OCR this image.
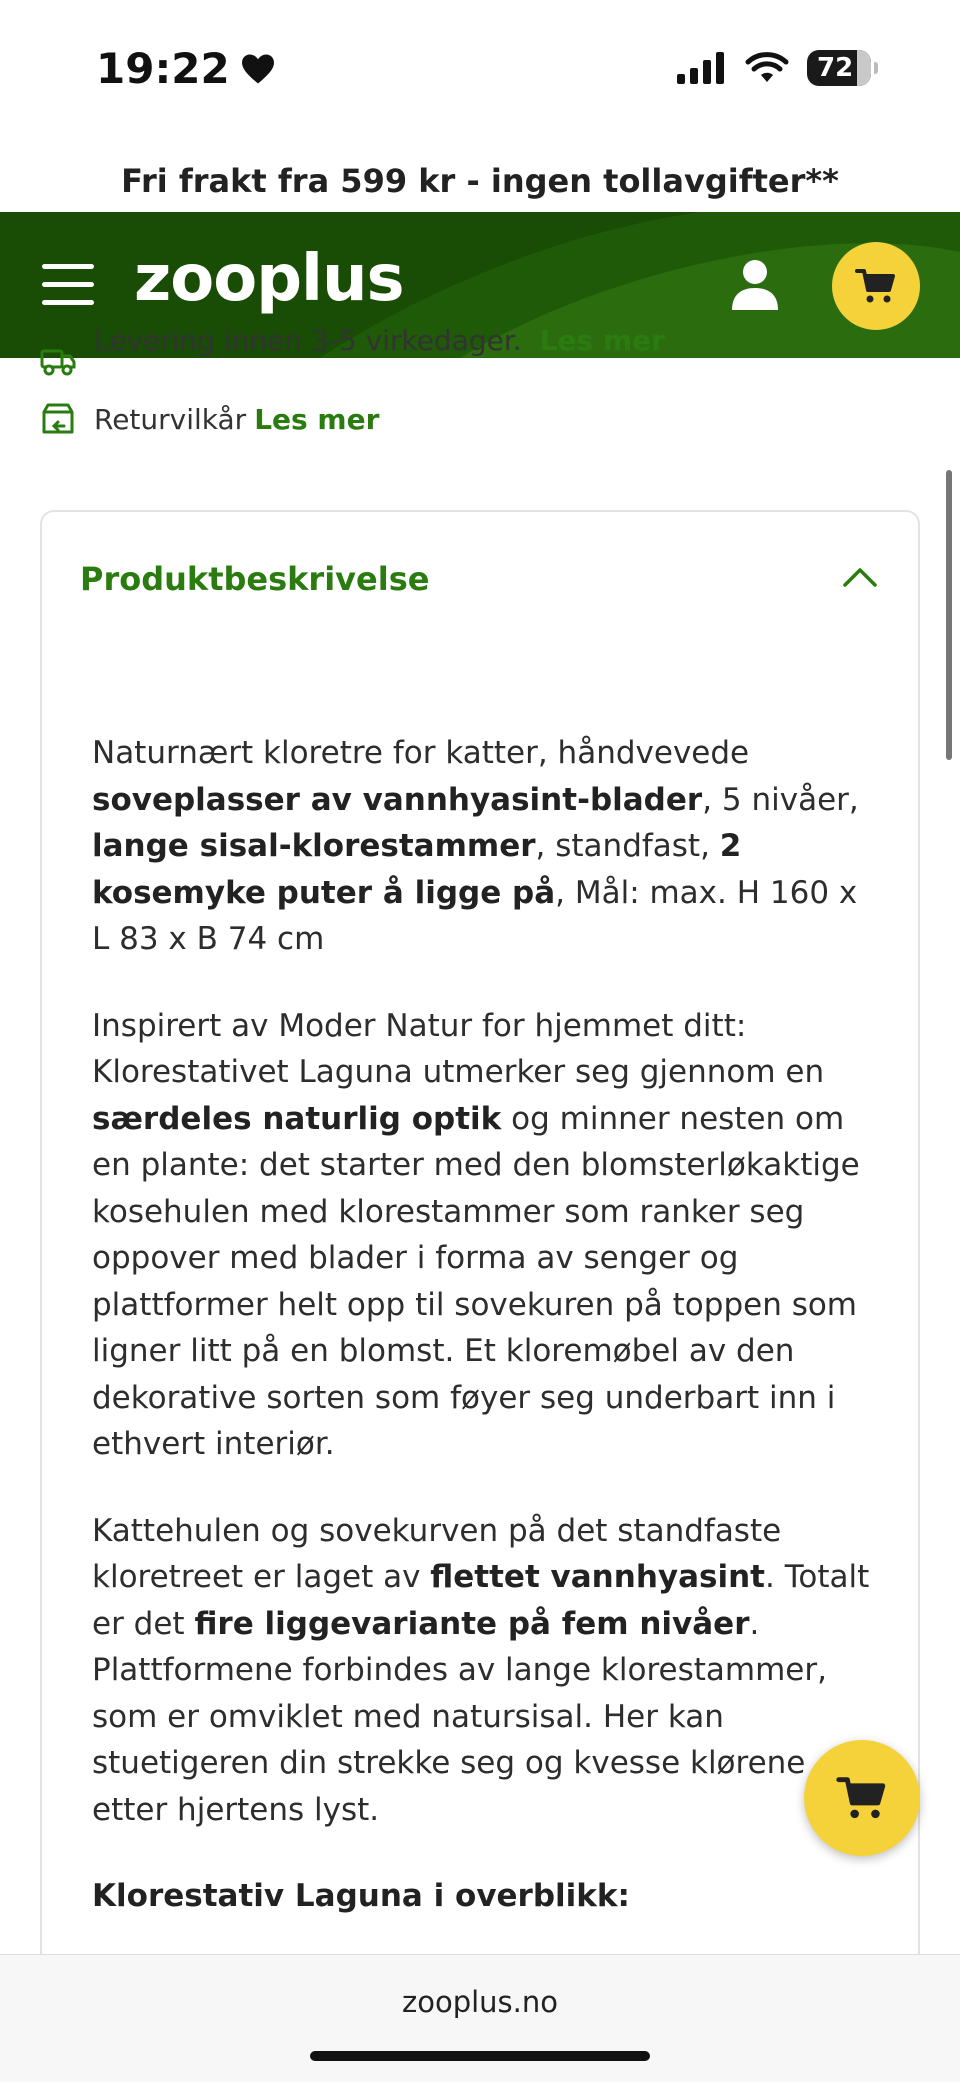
19:22	72
Fri frakt fra 599 kr - ingen tollavgifter**
zooplus
Levering innen 3-5 virkedager. Les mer
Returvilkår Les mer
Produktbeskrivelse

Naturnært kloretre for katter, håndvevede soveplasser av vannhyasint-blader, 5 nivåer, lange sisal-klorestammer, standfast, 2 kosemyke puter å ligge på, Mål: max. H 160 x L 83 x B 74 cm

Inspirert av Moder Natur for hjemmet ditt: Klorestativet Laguna utmerker seg gjennom en særdeles naturlig optik og minner nesten om en plante: det starter med den blomsterløkaktige kosehulen med klorestammer som ranker seg oppover med blader i forma av senger og plattformer helt opp til sovekuren på toppen som ligner litt på en blomst. Et kloremøbel av den dekorative sorten som føyer seg underbart inn i ethvert interiør.

Kattehulen og sovekurven på det standfaste kloretreet er laget av flettet vannhyasint. Totalt er det fire liggevariante på fem nivåer. Plattformene forbindes av lange klorestammer, som er omviklet med natursisal. Her kan stuetigeren din strekke seg og kvesse klørene etter hjertens lyst.

Klorestativ Laguna i overblikk:
zooplus.no
